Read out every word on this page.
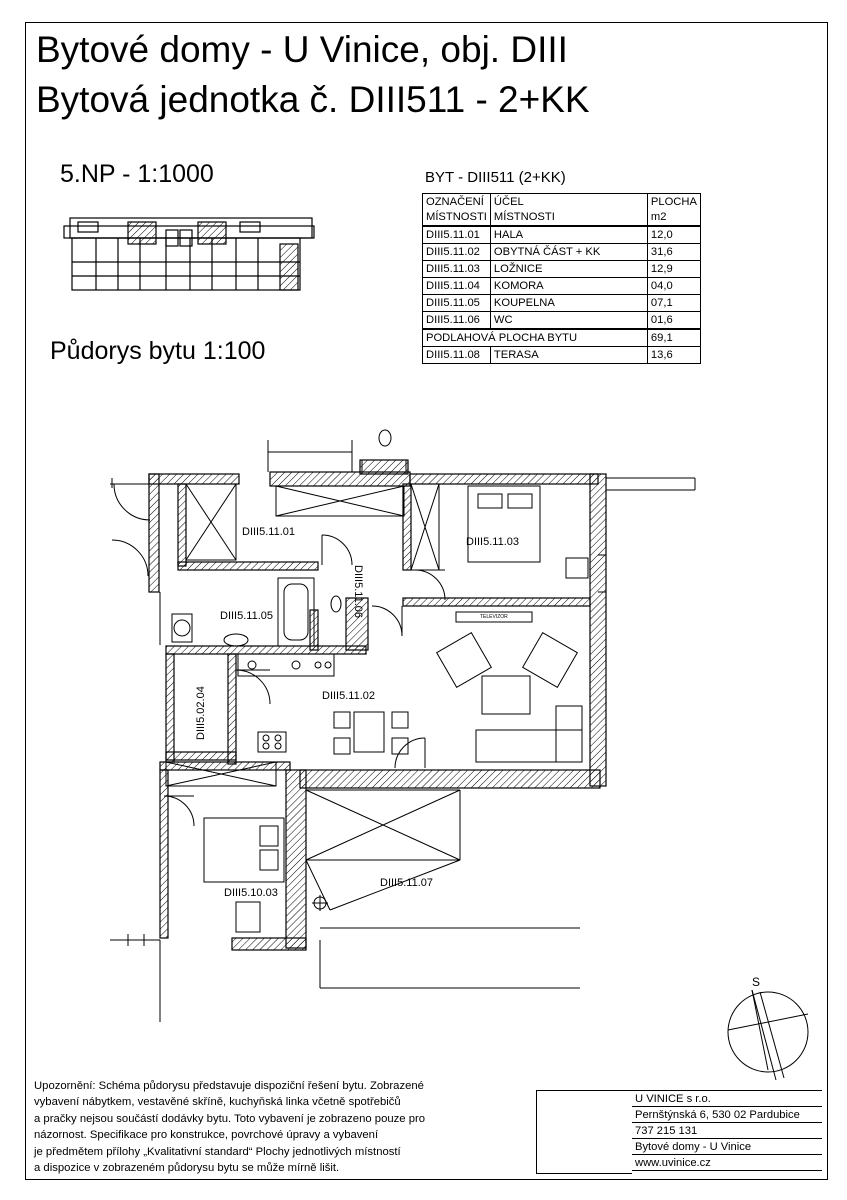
Bytové domy - U Vinice, obj. DIII
Bytová jednotka č. DIII511 - 2+KK
5.NP - 1:1000
Půdorys bytu 1:100
BYT - DIII511 (2+KK)
OZNAČENÍ	ÚČEL	PLOCHA
MÍSTNOSTI	MÍSTNOSTI	m2
DIII5.11.01	HALA	12,0
DIII5.11.02	OBYTNÁ ČÁST + KK	31,6
DIII5.11.03	LOŽNICE	12,9
DIII5.11.04	KOMORA	04,0
DIII5.11.05	KOUPELNA	07,1
DIII5.11.06	WC	01,6
PODLAHOVÁ PLOCHA BYTU		69,1
DIII5.11.08	TERASA	13,6
DIII5.11.01
DIII5.11.03
DIII5.11.05	DIII5.11.06
DIII5.11.02
DIII5.02.04
DIII5.10.03
DIII5.11.07
TELEVIZOR
S
Upozornění: Schéma půdorysu představuje dispoziční řešení bytu. Zobrazené
vybavení nábytkem, vestavěné skříně, kuchyňská linka včetně spotřebičů
a pračky nejsou součástí dodávky bytu. Toto vybavení je zobrazeno pouze pro
názornost. Specifikace pro konstrukce, povrchové úpravy a vybavení
je předmětem přílohy „Kvalitativní standard“ Plochy jednotlivých místností
a dispozice v zobrazeném půdorysu bytu se může mírně lišit.
U VINICE s r.o.
Pernštýnská 6, 530 02 Pardubice
737 215 131
Bytové domy - U Vinice
www.uvinice.cz
